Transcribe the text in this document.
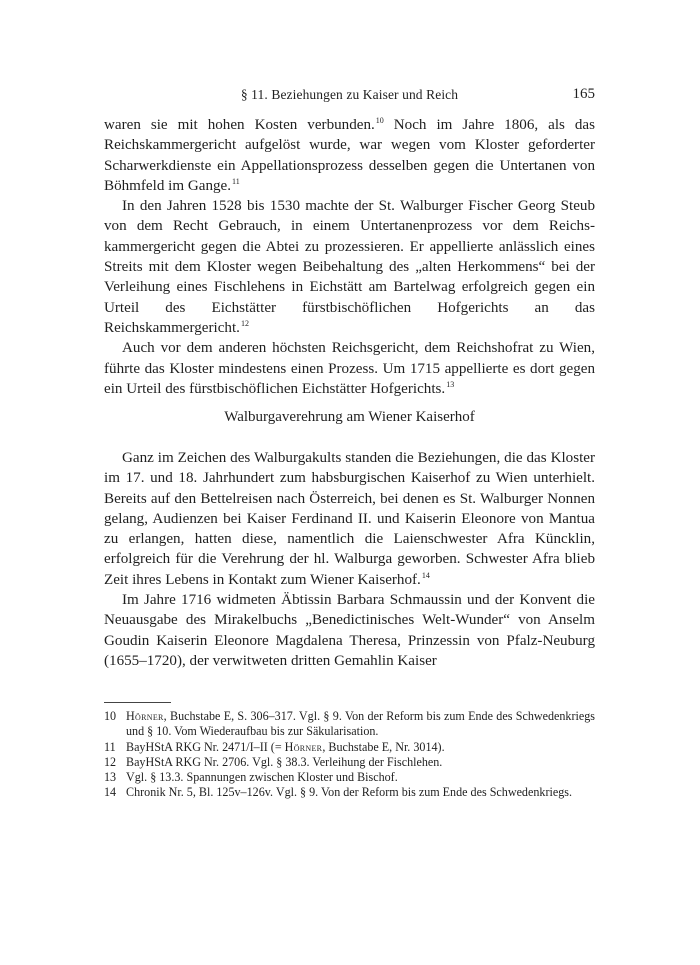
§ 11. Beziehungen zu Kaiser und Reich	165

waren sie mit hohen Kosten verbunden.$^{10}$ Noch im Jahre 1806, als das Reichskammergericht aufgelöst wurde, war wegen vom Kloster geforderter Scharwerkdienste ein Appellationsprozess desselben gegen die Untertanen von Böhmfeld im Gange.$^{11}$

In den Jahren 1528 bis 1530 machte der St. Walburger Fischer Georg Steub von dem Recht Gebrauch, in einem Untertanenprozess vor dem Reichskammergericht gegen die Abtei zu prozessieren. Er appellierte anlässlich eines Streits mit dem Kloster wegen Beibehaltung des „alten Herkommens“ bei der Verleihung eines Fischlehens in Eichstätt am Bartelwag erfolgreich gegen ein Urteil des Eichstätter fürstbischöflichen Hofgerichts an das Reichskammergericht.$^{12}$

Auch vor dem anderen höchsten Reichsgericht, dem Reichshofrat zu Wien, führte das Kloster mindestens einen Prozess. Um 1715 appellierte es dort gegen ein Urteil des fürstbischöflichen Eichstätter Hofgerichts.$^{13}$

Walburgaverehrung am Wiener Kaiserhof

Ganz im Zeichen des Walburgakults standen die Beziehungen, die das Kloster im 17. und 18. Jahrhundert zum habsburgischen Kaiserhof zu Wien unterhielt. Bereits auf den Bettelreisen nach Österreich, bei denen es St. Walburger Nonnen gelang, Audienzen bei Kaiser Ferdinand II. und Kaiserin Eleonore von Mantua zu erlangen, hatten diese, namentlich die Laienschwester Afra Küncklin, erfolgreich für die Verehrung der hl. Walburga geworben. Schwester Afra blieb Zeit ihres Lebens in Kontakt zum Wiener Kaiserhof.$^{14}$

Im Jahre 1716 widmeten Äbtissin Barbara Schmaussin und der Konvent die Neuausgabe des Mirakelbuchs „Benedictinisches Welt-Wunder“ von Anselm Goudin Kaiserin Eleonore Magdalena Theresa, Prinzessin von Pfalz-Neuburg (1655–1720), der verwitweten dritten Gemahlin Kaiser

10 Hörner, Buchstabe E, S. 306–317. Vgl. § 9. Von der Reform bis zum Ende des Schwedenkriegs und § 10. Vom Wiederaufbau bis zur Säkularisation.
11 BayHStA RKG Nr. 2471/I–II (= Hörner, Buchstabe E, Nr. 3014).
12 BayHStA RKG Nr. 2706. Vgl. § 38.3. Verleihung der Fischlehen.
13 Vgl. § 13.3. Spannungen zwischen Kloster und Bischof.
14 Chronik Nr. 5, Bl. 125v–126v. Vgl. § 9. Von der Reform bis zum Ende des Schwedenkriegs.
